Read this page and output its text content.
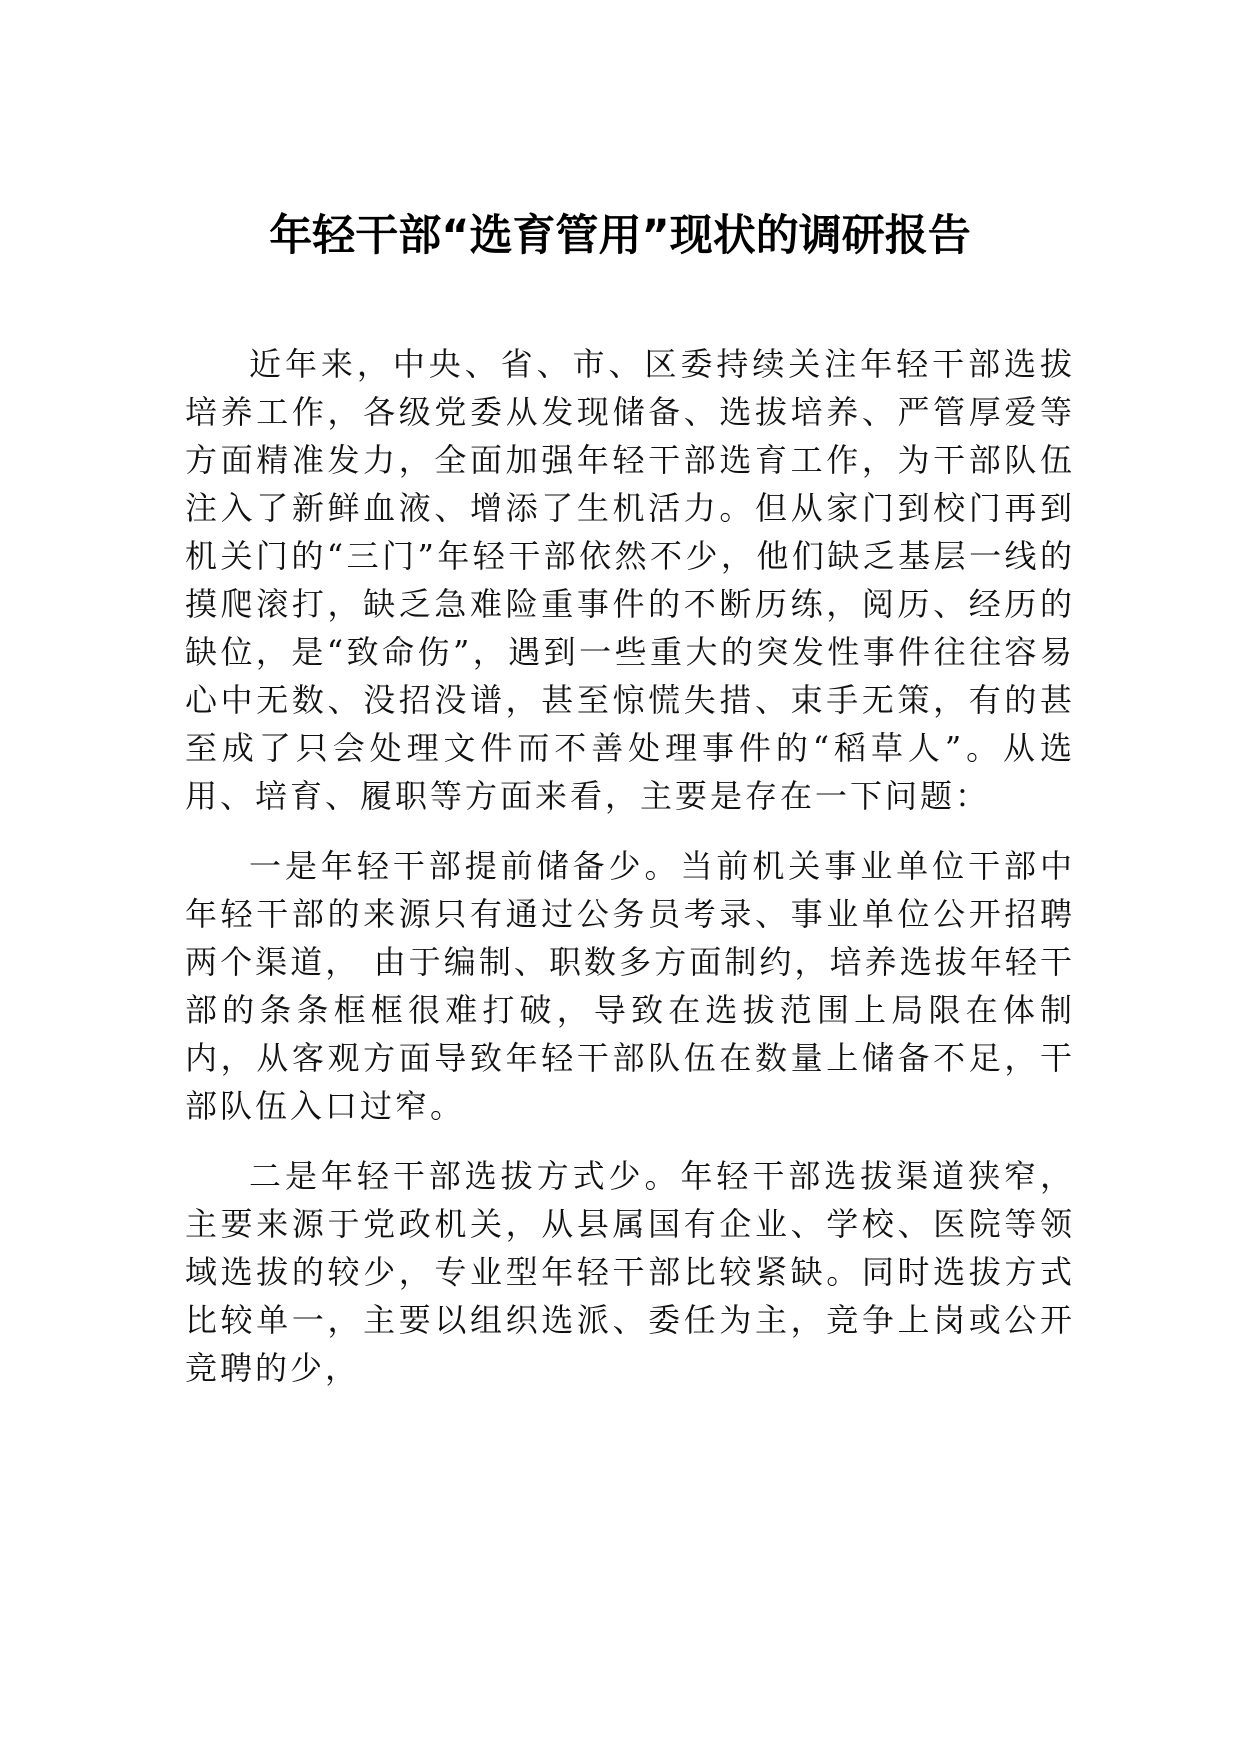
年轻干部“选育管用”现状的调研报告

近年来，中央、省、市、区委持续关注年轻干部选拔培养工作，各级党委从发现储备、选拔培养、严管厚爱等方面精准发力，全面加强年轻干部选育工作，为干部队伍注入了新鲜血液、增添了生机活力。但从家门到校门再到机关门的“三门”年轻干部依然不少，他们缺乏基层一线的摸爬滚打，缺乏急难险重事件的不断历练，阅历、经历的缺位，是“致命伤”，遇到一些重大的突发性事件往往容易心中无数、没招没谱，甚至惊慌失措、束手无策，有的甚至成了只会处理文件而不善处理事件的“稻草人”。从选用、培育、履职等方面来看，主要是存在一下问题：

一是年轻干部提前储备少。当前机关事业单位干部中年轻干部的来源只有通过公务员考录、事业单位公开招聘两个渠道， 由于编制、职数多方面制约，培养选拔年轻干部的条条框框很难打破，导致在选拔范围上局限在体制内，从客观方面导致年轻干部队伍在数量上储备不足，干部队伍入口过窄。

二是年轻干部选拔方式少。年轻干部选拔渠道狭窄，主要来源于党政机关，从县属国有企业、学校、医院等领域选拔的较少，专业型年轻干部比较紧缺。同时选拔方式比较单一，主要以组织选派、委任为主，竞争上岗或公开竞聘的少，
